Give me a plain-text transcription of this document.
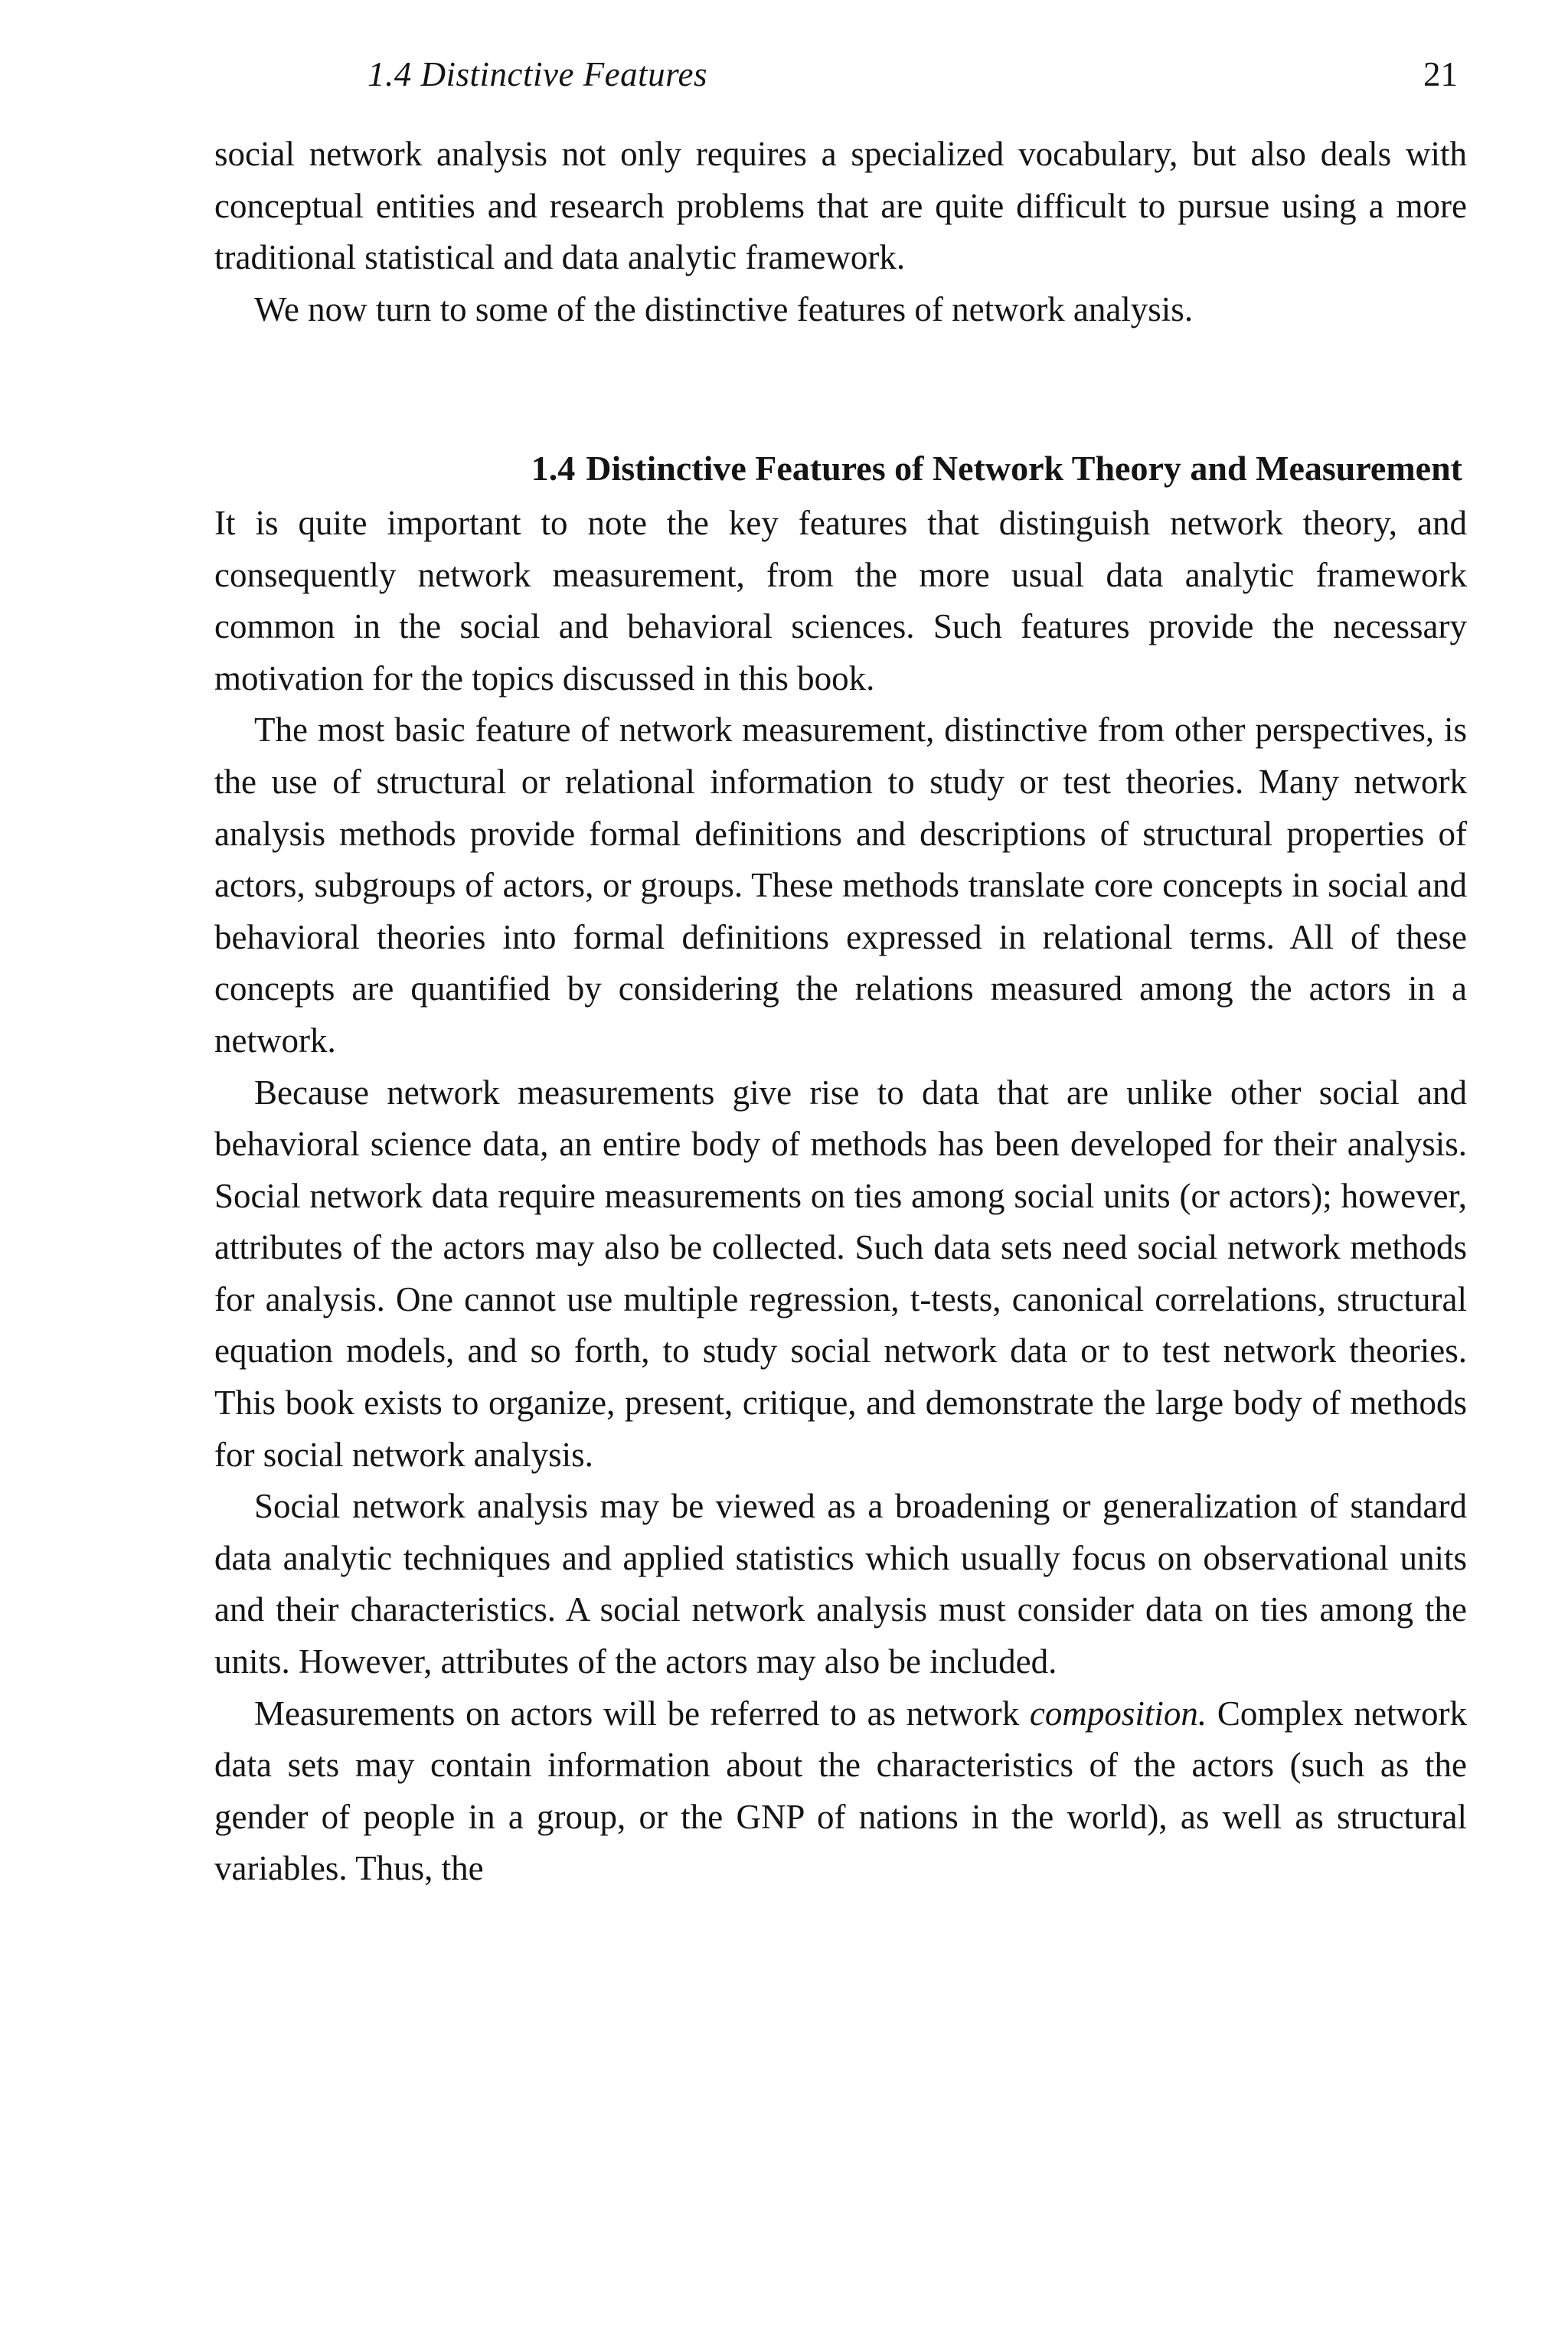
1.4 Distinctive Features	21

social network analysis not only requires a specialized vocabulary, but also deals with conceptual entities and research problems that are quite difficult to pursue using a more traditional statistical and data analytic framework.

We now turn to some of the distinctive features of network analysis.

1.4 Distinctive Features of Network Theory and Measurement

It is quite important to note the key features that distinguish network theory, and consequently network measurement, from the more usual data analytic framework common in the social and behavioral sciences. Such features provide the necessary motivation for the topics discussed in this book.

The most basic feature of network measurement, distinctive from other perspectives, is the use of structural or relational information to study or test theories. Many network analysis methods provide formal definitions and descriptions of structural properties of actors, subgroups of actors, or groups. These methods translate core concepts in social and behavioral theories into formal definitions expressed in relational terms. All of these concepts are quantified by considering the relations measured among the actors in a network.

Because network measurements give rise to data that are unlike other social and behavioral science data, an entire body of methods has been developed for their analysis. Social network data require measurements on ties among social units (or actors); however, attributes of the actors may also be collected. Such data sets need social network methods for analysis. One cannot use multiple regression, t-tests, canonical correlations, structural equation models, and so forth, to study social network data or to test network theories. This book exists to organize, present, critique, and demonstrate the large body of methods for social network analysis.

Social network analysis may be viewed as a broadening or generalization of standard data analytic techniques and applied statistics which usually focus on observational units and their characteristics. A social network analysis must consider data on ties among the units. However, attributes of the actors may also be included.

Measurements on actors will be referred to as network composition. Complex network data sets may contain information about the characteristics of the actors (such as the gender of people in a group, or the GNP of nations in the world), as well as structural variables. Thus, the
